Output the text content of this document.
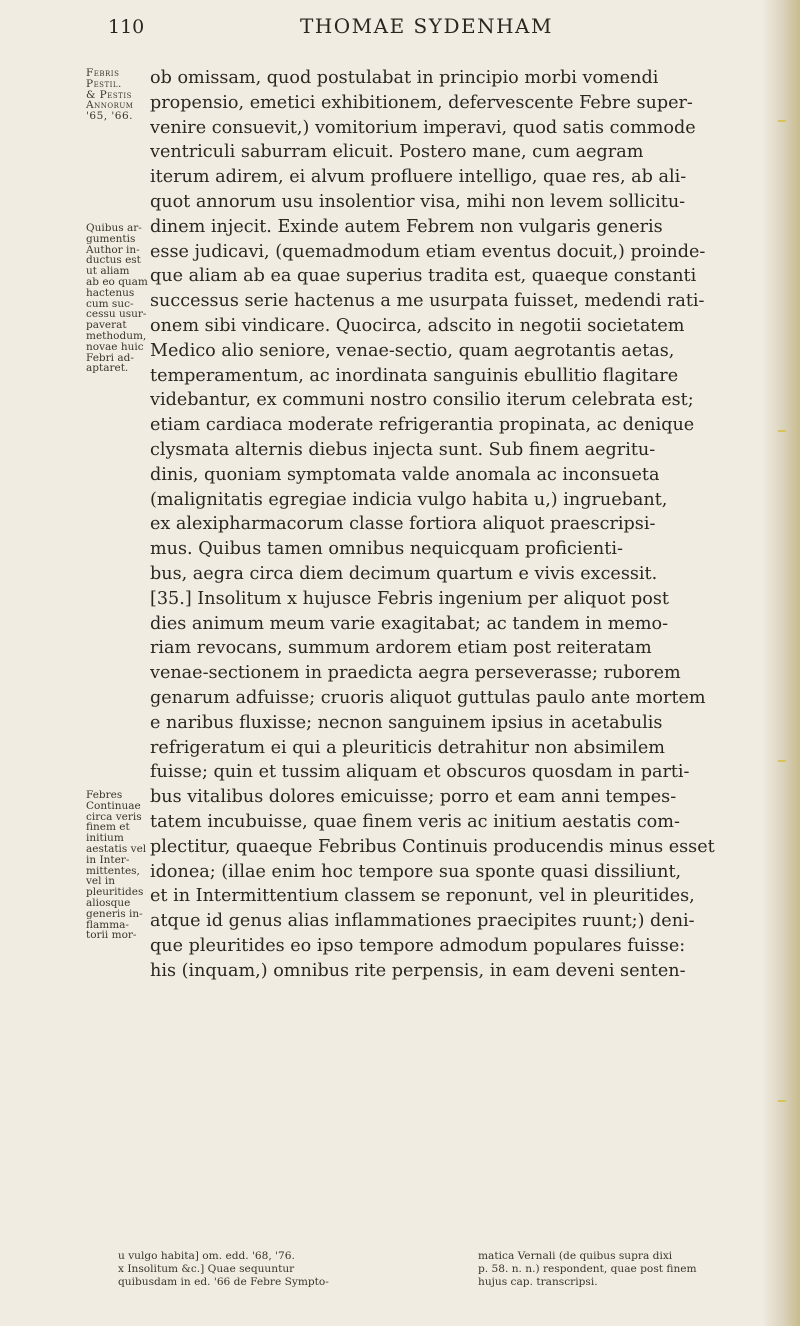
110	THOMAE SYDENHAM
Febris
Pestil.
& Pestis
Annorum
'65, '66.
Quibus ar-
gumentis
Author in-
ductus est
ut aliam
ab eo quam
hactenus
cum suc-
cessu usur-
paverat
methodum,
novae huic
Febri ad-
aptaret.
Febres
Continuae
circa veris
finem et
initium
aestatis vel
in Inter-
mittentes,
vel in
pleuritides
aliosque
generis in-
flamma-
torii mor-
ob omissam, quod postulabat in principio morbi vomendi
propensio, emetici exhibitionem, defervescente Febre super-
venire consuevit,) vomitorium imperavi, quod satis commode
ventriculi saburram elicuit. Postero mane, cum aegram
iterum adirem, ei alvum profluere intelligo, quae res, ab ali-
quot annorum usu insolentior visa, mihi non levem sollicitu-
dinem injecit. Exinde autem Febrem non vulgaris generis
esse judicavi, (quemadmodum etiam eventus docuit,) proinde-
que aliam ab ea quae superius tradita est, quaeque constanti
successus serie hactenus a me usurpata fuisset, medendi rati-
onem sibi vindicare. Quocirca, adscito in negotii societatem
Medico alio seniore, venae-sectio, quam aegrotantis aetas,
temperamentum, ac inordinata sanguinis ebullitio flagitare
videbantur, ex communi nostro consilio iterum celebrata est;
etiam cardiaca moderate refrigerantia propinata, ac denique
clysmata alternis diebus injecta sunt. Sub finem aegritu-
dinis, quoniam symptomata valde anomala ac inconsueta
(malignitatis egregiae indicia vulgo habita u,) ingruebant,
ex alexipharmacorum classe fortiora aliquot praescripsi-
mus. Quibus tamen omnibus nequicquam proficienti-
bus, aegra circa diem decimum quartum e vivis excessit.
[35.] Insolitum x hujusce Febris ingenium per aliquot post
dies animum meum varie exagitabat; ac tandem in memo-
riam revocans, summum ardorem etiam post reiteratam
venae-sectionem in praedicta aegra perseverasse; ruborem
genarum adfuisse; cruoris aliquot guttulas paulo ante mortem
e naribus fluxisse; necnon sanguinem ipsius in acetabulis
refrigeratum ei qui a pleuriticis detrahitur non absimilem
fuisse; quin et tussim aliquam et obscuros quosdam in parti-
bus vitalibus dolores emicuisse; porro et eam anni tempes-
tatem incubuisse, quae finem veris ac initium aestatis com-
plectitur, quaeque Febribus Continuis producendis minus esset
idonea; (illae enim hoc tempore sua sponte quasi dissiliunt,
et in Intermittentium classem se reponunt, vel in pleuritides,
atque id genus alias inflammationes praecipites ruunt;) deni-
que pleuritides eo ipso tempore admodum populares fuisse:
his (inquam,) omnibus rite perpensis, in eam deveni senten-
u vulgo habita] om. edd. '68, '76.
x Insolitum &c.] Quae sequuntur
quibusdam in ed. '66 de Febre Sympto-
matica Vernali (de quibus supra dixi
p. 58. n. n.) respondent, quae post finem
hujus cap. transcripsi.
